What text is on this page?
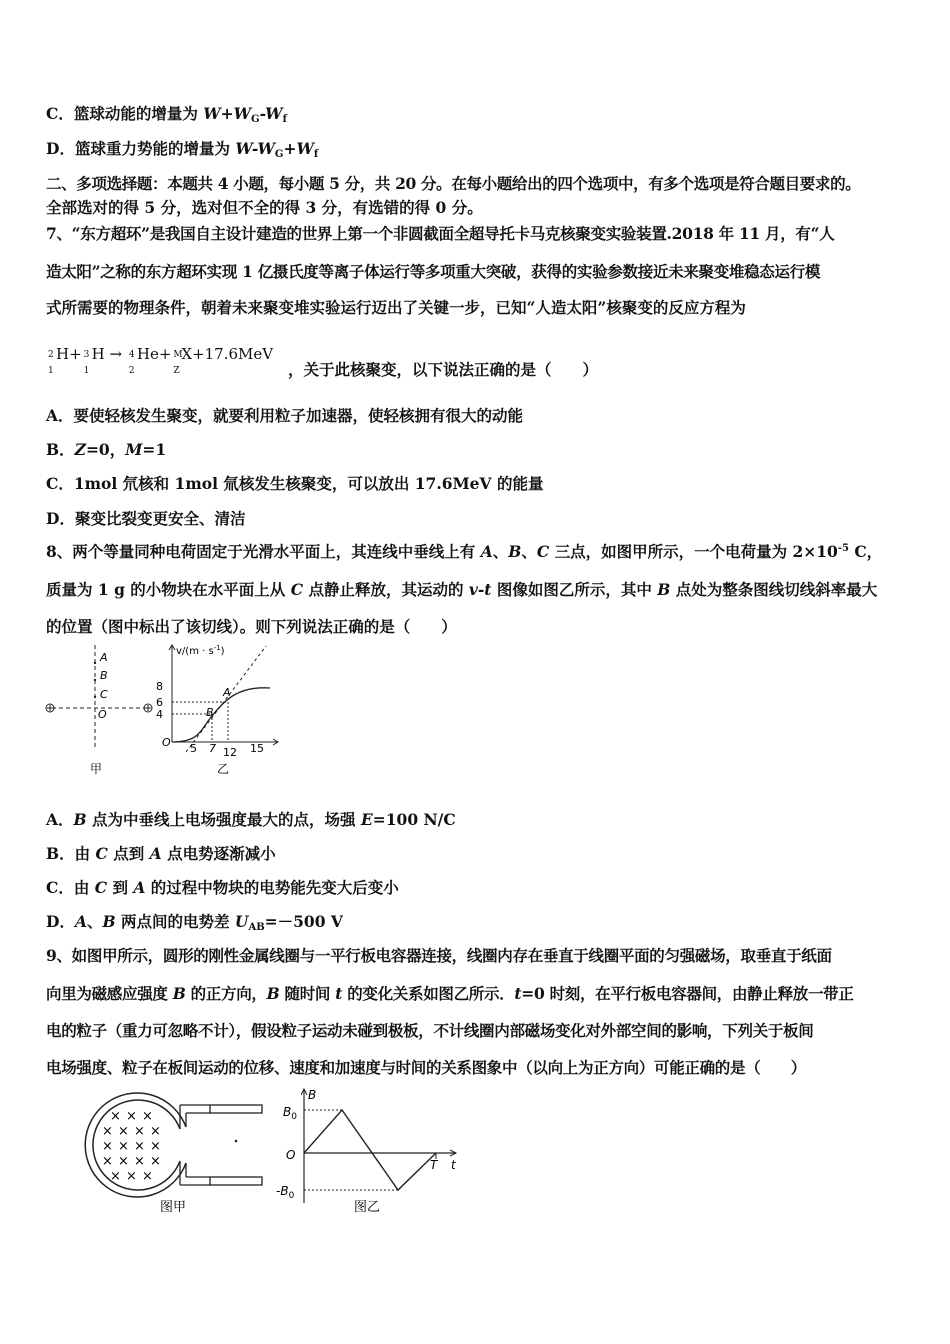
C．篮球动能的增量为 $W+W_G-W_f$
D．篮球重力势能的增量为 $W-W_G+W_f$
二、多项选择题：本题共 4 小题，每小题 5 分，共 20 分。在每小题给出的四个选项中，有多个选项是符合题目要求的。
全部选对的得 5 分，选对但不全的得 3 分，有选错的得 0 分。
7、“东方超环”是我国自主设计建造的世界上第一个非圆截面全超导托卡马克核聚变实验装置.2018 年 11 月，有“人
造太阳”之称的东方超环实现 1 亿摄氏度等离子体运行等多项重大突破，获得的实验参数接近未来聚变堆稳态运行模
式所需要的物理条件，朝着未来聚变堆实验运行迈出了关键一步，已知“人造太阳”核聚变的反应方程为
2
1
H+ 3
1
H → 4
2
He+ M
Z
X+17.6MeV
，关于此核聚变，以下说法正确的是（　　）
A．要使轻核发生聚变，就要利用粒子加速器，使轻核拥有很大的动能
B．Z=0，M=1
C．1mol 氘核和 1mol 氚核发生核聚变，可以放出 17.6MeV 的能量
D．聚变比裂变更安全、清洁
8、两个等量同种电荷固定于光滑水平面上，其连线中垂线上有 A、B、C 三点，如图甲所示，一个电荷量为 $2\times 10^{-5}$ C，
质量为 1 g 的小物块在水平面上从 C 点静止释放，其运动的 v-t 图像如图乙所示，其中 B 点处为整条图线切线斜率最大
的位置（图中标出了该切线）。则下列说法正确的是（　　）
A
B
C
O
甲
$v/(m \cdot s^{-1})$
8
6
4
A
B
O 5 7 12 15
乙
A．B 点为中垂线上电场强度最大的点，场强 E=100 N/C
B．由 C 点到 A 点电势逐渐减小
C．由 C 到 A 的过程中物块的电势能先变大后变小
D．A、B 两点间的电势差 $U_{AB}=-500$ V
9、如图甲所示，圆形的刚性金属线圈与一平行板电容器连接，线圈内存在垂直于线圈平面的匀强磁场，取垂直于纸面
向里为磁感应强度 B 的正方向，B 随时间 t 的变化关系如图乙所示．t=0 时刻，在平行板电容器间，由静止释放一带正
电的粒子（重力可忽略不计），假设粒子运动未碰到极板，不计线圈内部磁场变化对外部空间的影响，下列关于板间
电场强度、粒子在板间运动的位移、速度和加速度与时间的关系图象中（以向上为正方向）可能正确的是（　　）
× × ×
× × × ×
× × × ×
× × × ×
× × ×
图甲
B
$B_0$
O
$-B_0$
T t
图乙
